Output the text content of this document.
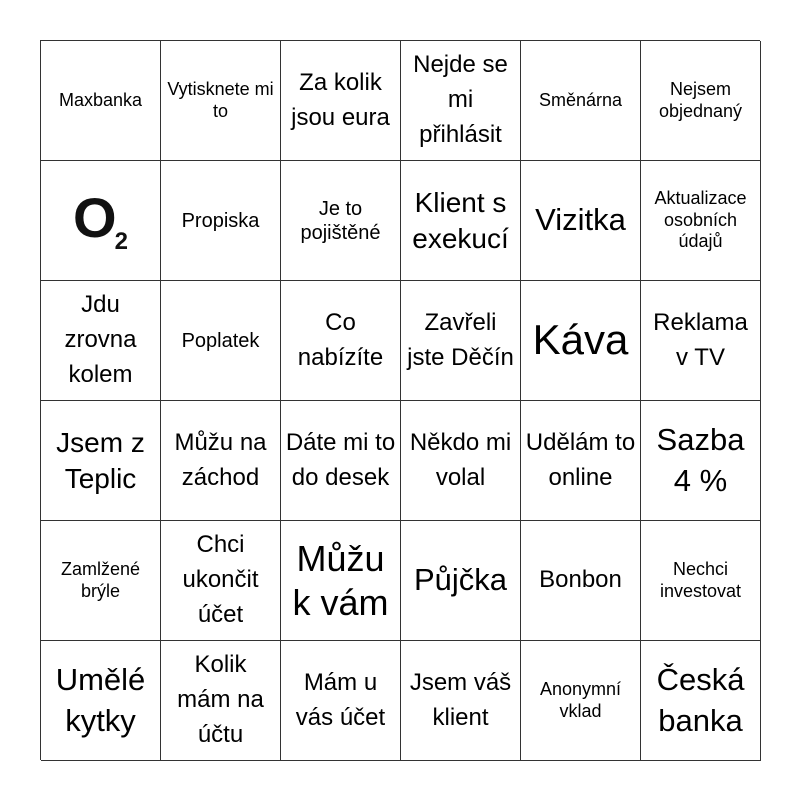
Maxbanka
Vytisknete mi to
Za kolik jsou eura
Nejde se mi přihlásit
Směnárna
Nejsem objednaný
O2
Propiska
Je to pojištěné
Klient s exekucí
Vizitka
Aktualizace osobních údajů
Jdu zrovna kolem
Poplatek
Co nabízíte
Zavřeli jste Děčín Káva	Reklama v TV
Jsem z Teplic
Můžu na záchod
Dáte mi to do desek
Někdo mi volal
Udělám to online
Sazba 4 %
Zamlžené brýle
Chci ukončit účet
Můžu k vám
Půjčka Bonbon	Nechci investovat
Umělé kytky
Kolik mám na účtu
Mám u vás účet
Jsem váš klient
Anonymní vklad
Česká banka
